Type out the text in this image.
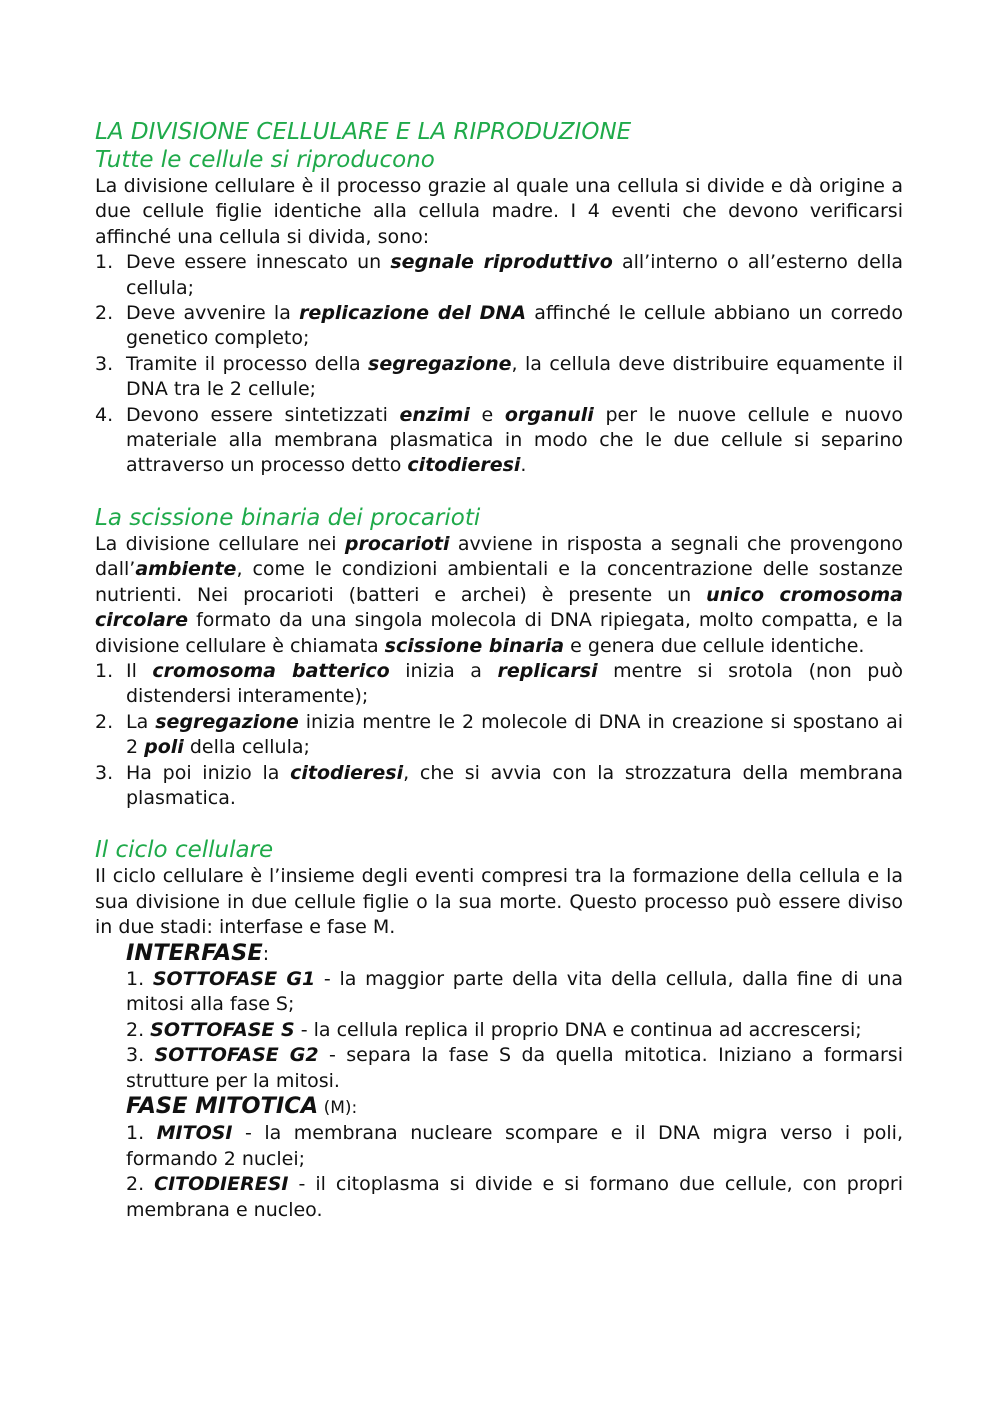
LA DIVISIONE CELLULARE E LA RIPRODUZIONE
Tutte le cellule si riproducono

La divisione cellulare è il processo grazie al quale una cellula si divide e dà origine a due cellule figlie identiche alla cellula madre. I 4 eventi che devono verificarsi affinché una cellula si divida, sono:

1. Deve essere innescato un segnale riproduttivo all’interno o all’esterno della cellula;
2. Deve avvenire la replicazione del DNA affinché le cellule abbiano un corredo genetico completo;
3. Tramite il processo della segregazione, la cellula deve distribuire equamente il DNA tra le 2 cellule;
4. Devono essere sintetizzati enzimi e organuli per le nuove cellule e nuovo materiale alla membrana plasmatica in modo che le due cellule si separino attraverso un processo detto citodieresi.
La scissione binaria dei procarioti

La divisione cellulare nei procarioti avviene in risposta a segnali che provengono dall’ambiente, come le condizioni ambientali e la concentrazione delle sostanze nutrienti. Nei procarioti (batteri e archei) è presente un unico cromosoma circolare formato da una singola molecola di DNA ripiegata, molto compatta, e la divisione cellulare è chiamata scissione binaria e genera due cellule identiche.

1. Il cromosoma batterico inizia a replicarsi mentre si srotola (non può distendersi interamente);
2. La segregazione inizia mentre le 2 molecole di DNA in creazione si spostano ai 2 poli della cellula;
3. Ha poi inizio la citodieresi, che si avvia con la strozzatura della membrana plasmatica.
Il ciclo cellulare

Il ciclo cellulare è l’insieme degli eventi compresi tra la formazione della cellula e la sua divisione in due cellule figlie o la sua morte. Questo processo può essere diviso in due stadi: interfase e fase M.

INTERFASE:
1. SOTTOFASE G1 - la maggior parte della vita della cellula, dalla fine di una mitosi alla fase S;
2. SOTTOFASE S - la cellula replica il proprio DNA e continua ad accrescersi;
3. SOTTOFASE G2 - separa la fase S da quella mitotica. Iniziano a formarsi strutture per la mitosi.
FASE MITOTICA (M):
1. MITOSI - la membrana nucleare scompare e il DNA migra verso i poli, formando 2 nuclei;
2. CITODIERESI - il citoplasma si divide e si formano due cellule, con propri membrana e nucleo.
